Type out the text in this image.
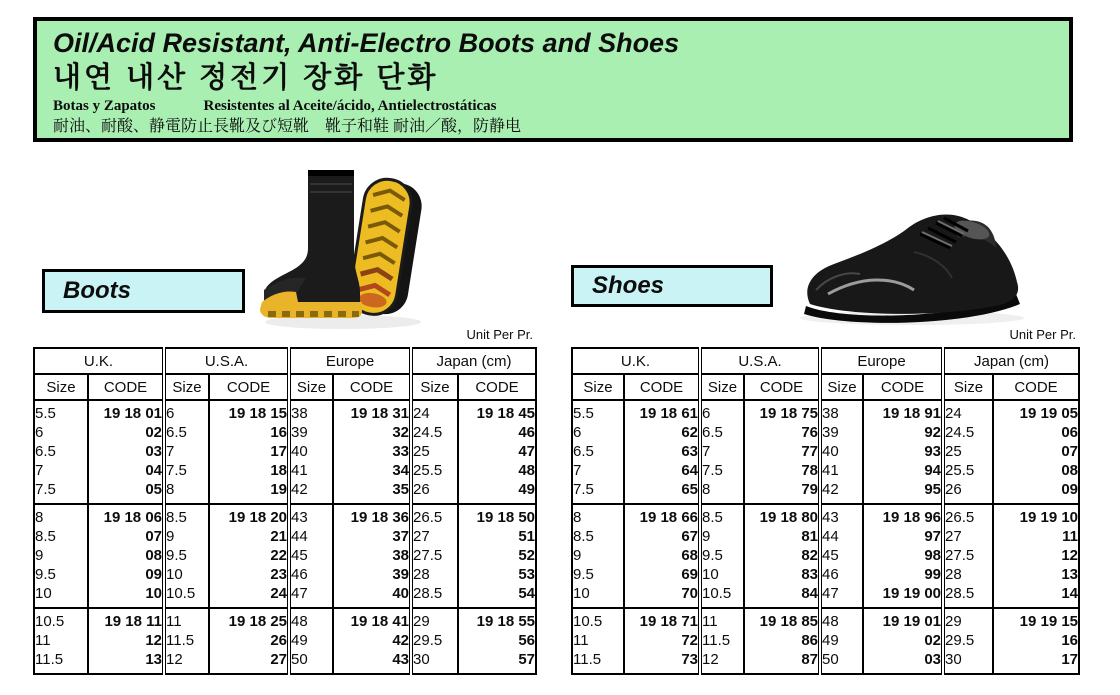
Oil/Acid Resistant, Anti-Electro Boots and Shoes
내연 내산 정전기 장화 단화
Botas y Zapatos	Resistentes al Aceite/ácido, Antielectrostáticas
耐油、耐酸、静電防止長靴及び短靴　靴子和鞋 耐油／酸，防静电
Boots	Shoes
Unit Per Pr.
U.K.		U.S.A.		Europe		Japan (cm)	
Size	CODE	Size	CODE	Size	CODE	Size	CODE
5.5	19 18 01	6	19 18 15	38	19 18 31	24	19 18 45
6	02	6.5	16	39	32	24.5	46
6.5	03	7	17	40	33	25	47
7	04	7.5	18	41	34	25.5	48
7.5	05	8	19	42	35	26	49
8	19 18 06	8.5	19 18 20	43	19 18 36	26.5	19 18 50
8.5	07	9	21	44	37	27	51
9	08	9.5	22	45	38	27.5	52
9.5	09	10	23	46	39	28	53
10	10	10.5	24	47	40	28.5	54
10.5	19 18 11	11	19 18 25	48	19 18 41	29	19 18 55
11	12	11.5	26	49	42	29.5	56
11.5	13	12	27	50	43	30	57
Unit Per Pr.
U.K.		U.S.A.		Europe		Japan (cm)	
Size	CODE	Size	CODE	Size	CODE	Size	CODE
5.5	19 18 61	6	19 18 75	38	19 18 91	24	19 19 05
6	62	6.5	76	39	92	24.5	06
6.5	63	7	77	40	93	25	07
7	64	7.5	78	41	94	25.5	08
7.5	65	8	79	42	95	26	09
8	19 18 66	8.5	19 18 80	43	19 18 96	26.5	19 19 10
8.5	67	9	81	44	97	27	11
9	68	9.5	82	45	98	27.5	12
9.5	69	10	83	46	99	28	13
10	70	10.5	84	47	19 19 00	28.5	14
10.5	19 18 71	11	19 18 85	48	19 19 01	29	19 19 15
11	72	11.5	86	49	02	29.5	16
11.5	73	12	87	50	03	30	17
